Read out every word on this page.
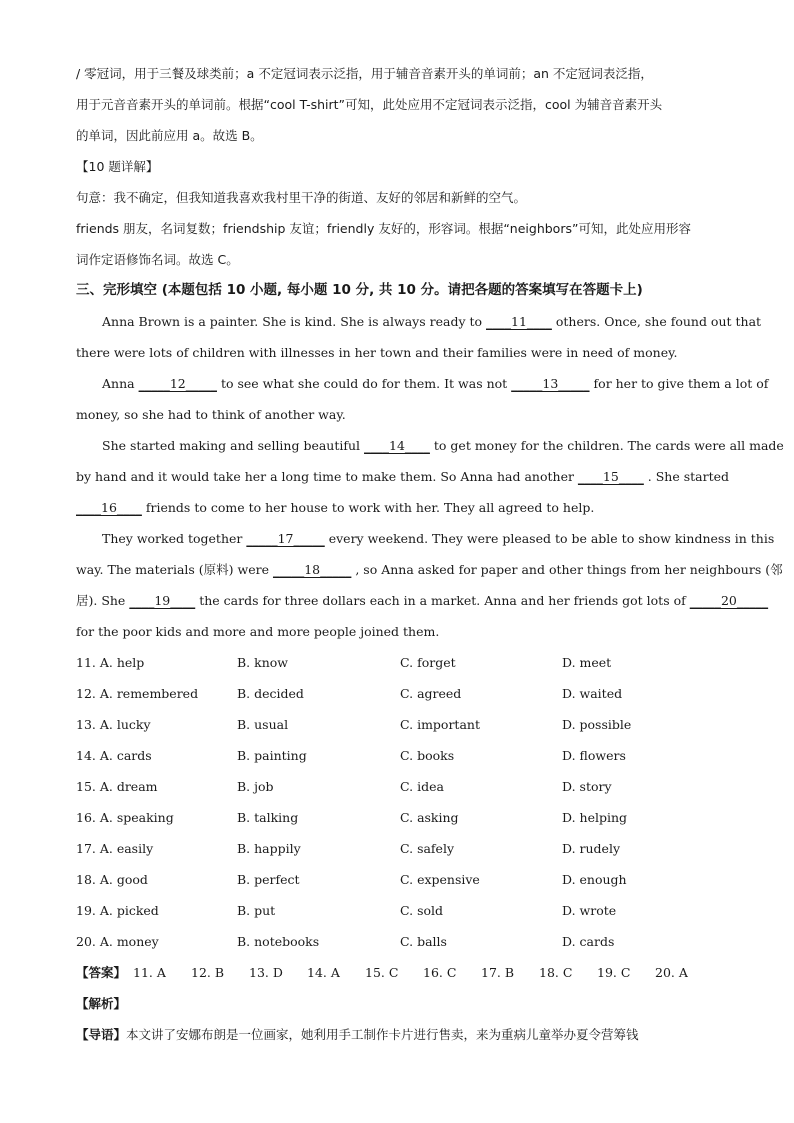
/ 零冠词，用于三餐及球类前；a 不定冠词表示泛指，用于辅音音素开头的单词前；an 不定冠词表泛指，
用于元音音素开头的单词前。根据“cool T-shirt”可知，此处应用不定冠词表示泛指，cool 为辅音音素开头
的单词，因此前应用 a。故选 B。
【10 题详解】
句意：我不确定，但我知道我喜欢我村里干净的街道、友好的邻居和新鲜的空气。
friends 朋友，名词复数；friendship 友谊；friendly 友好的，形容词。根据“neighbors”可知，此处应用形容
词作定语修饰名词。故选 C。
三、完形填空 (本题包括 10 小题, 每小题 10 分, 共 10 分。请把各题的答案填写在答题卡上)
Anna Brown is a painter. She is kind. She is always ready to ____11____ others. Once, she found out that
there were lots of children with illnesses in her town and their families were in need of money.
Anna _____12_____ to see what she could do for them. It was not _____13_____ for her to give them a lot of
money, so she had to think of another way.
She started making and selling beautiful ____14____ to get money for the children. The cards were all made
by hand and it would take her a long time to make them. So Anna had another ____15____ . She started
____16____ friends to come to her house to work with her. They all agreed to help.
They worked together _____17_____ every weekend. They were pleased to be able to show kindness in this
way. The materials (原料) were _____18_____ , so Anna asked for paper and other things from her neighbours (邻
居). She ____19____ the cards for three dollars each in a market. Anna and her friends got lots of _____20_____
for the poor kids and more and more people joined them.
11. A. help	B. know	C. forget	D. meet
12. A. remembered	B. decided	C. agreed	D. waited
13. A. lucky	B. usual	C. important	D. possible
14. A. cards	B. painting	C. books	D. flowers
15. A. dream	B. job	C. idea	D. story
16. A. speaking	B. talking	C. asking	D. helping
17. A. easily	B. happily	C. safely	D. rudely
18. A. good	B. perfect	C. expensive	D. enough
19. A. picked	B. put	C. sold	D. wrote
20. A. money	B. notebooks	C. balls	D. cards
【答案】 11. A	12. B	13. D	14. A	15. C	16. C	17. B	18. C	19. C	20. A
【解析】
【导语】本文讲了安娜布朗是一位画家，她利用手工制作卡片进行售卖，来为重病儿童举办夏令营筹钱
